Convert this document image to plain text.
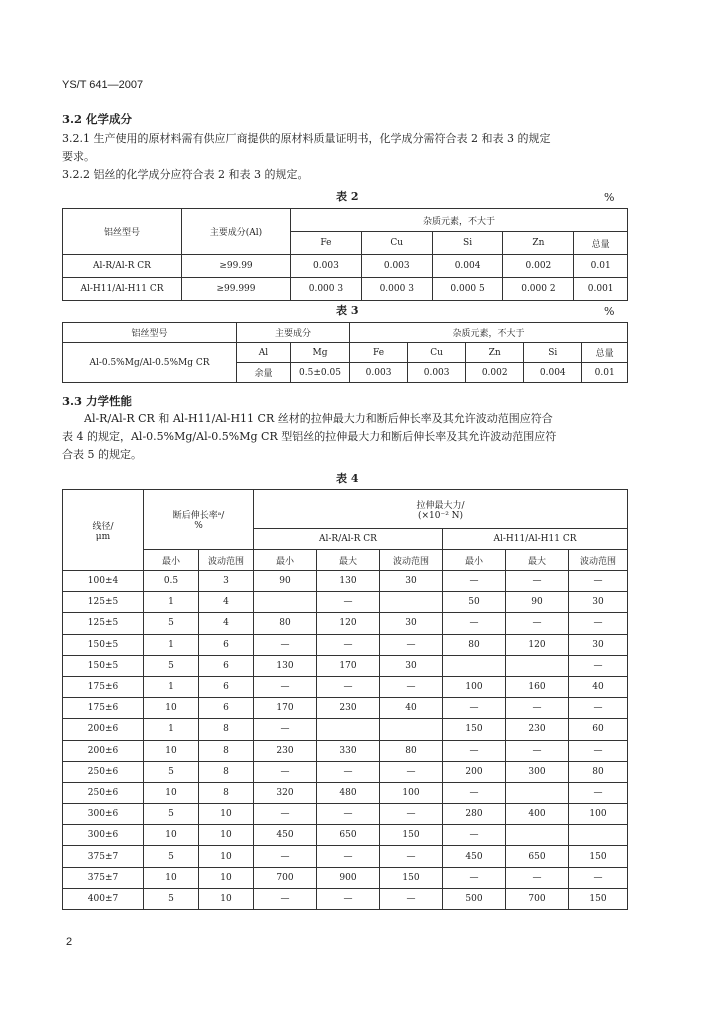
YS/T 641—2007
3.2 化学成分
3.2.1 生产使用的原材料需有供应厂商提供的原材料质量证明书，化学成分需符合表 2 和表 3 的规定
要求。
3.2.2 铝丝的化学成分应符合表 2 和表 3 的规定。
表 2	%
铝丝型号	主要成分(Al)	杂质元素，不大于				
		Fe	Cu	Si	Zn	总量
Al-R/Al-R CR	≥99.99	0.003	0.003	0.004	0.002	0.01
Al-H11/Al-H11 CR	≥99.999	0.000 3	0.000 3	0.000 5	0.000 2	0.001
表 3	%
铝丝型号	主要成分		杂质元素，不大于				
Al-0.5%Mg/Al-0.5%Mg CR	Al	Mg	Fe	Cu	Zn	Si	总量
	余量	0.5±0.05	0.003	0.003	0.002	0.004	0.01
3.3 力学性能
Al-R/Al-R CR 和 Al-H11/Al-H11 CR 丝材的拉伸最大力和断后伸长率及其允许波动范围应符合
表 4 的规定，Al-0.5%Mg/Al-0.5%Mg CR 型铝丝的拉伸最大力和断后伸长率及其允许波动范围应符
合表 5 的规定。
表 4
线径/
μm	断后伸长率ᵃ/
%		拉伸最大力/
(×10⁻² N)					
			Al-R/Al-R CR			Al-H11/Al-H11 CR		
	最小	波动范围	最小	最大	波动范围	最小	最大	波动范围
100±4	0.5	3	90	130	30	—	—	—
125±5	1	4		—		50	90	30
125±5	5	4	80	120	30	—	—	—
150±5	1	6	—	—	—	80	120	30
150±5	5	6	130	170	30			—
175±6	1	6	—	—	—	100	160	40
175±6	10	6	170	230	40	—	—	—
200±6	1	8	—			150	230	60
200±6	10	8	230	330	80	—	—	—
250±6	5	8	—	—	—	200	300	80
250±6	10	8	320	480	100	—		—
300±6	5	10	—	—	—	280	400	100
300±6	10	10	450	650	150	—		
375±7	5	10	—	—	—	450	650	150
375±7	10	10	700	900	150	—	—	—
400±7	5	10	—	—	—	500	700	150
2
